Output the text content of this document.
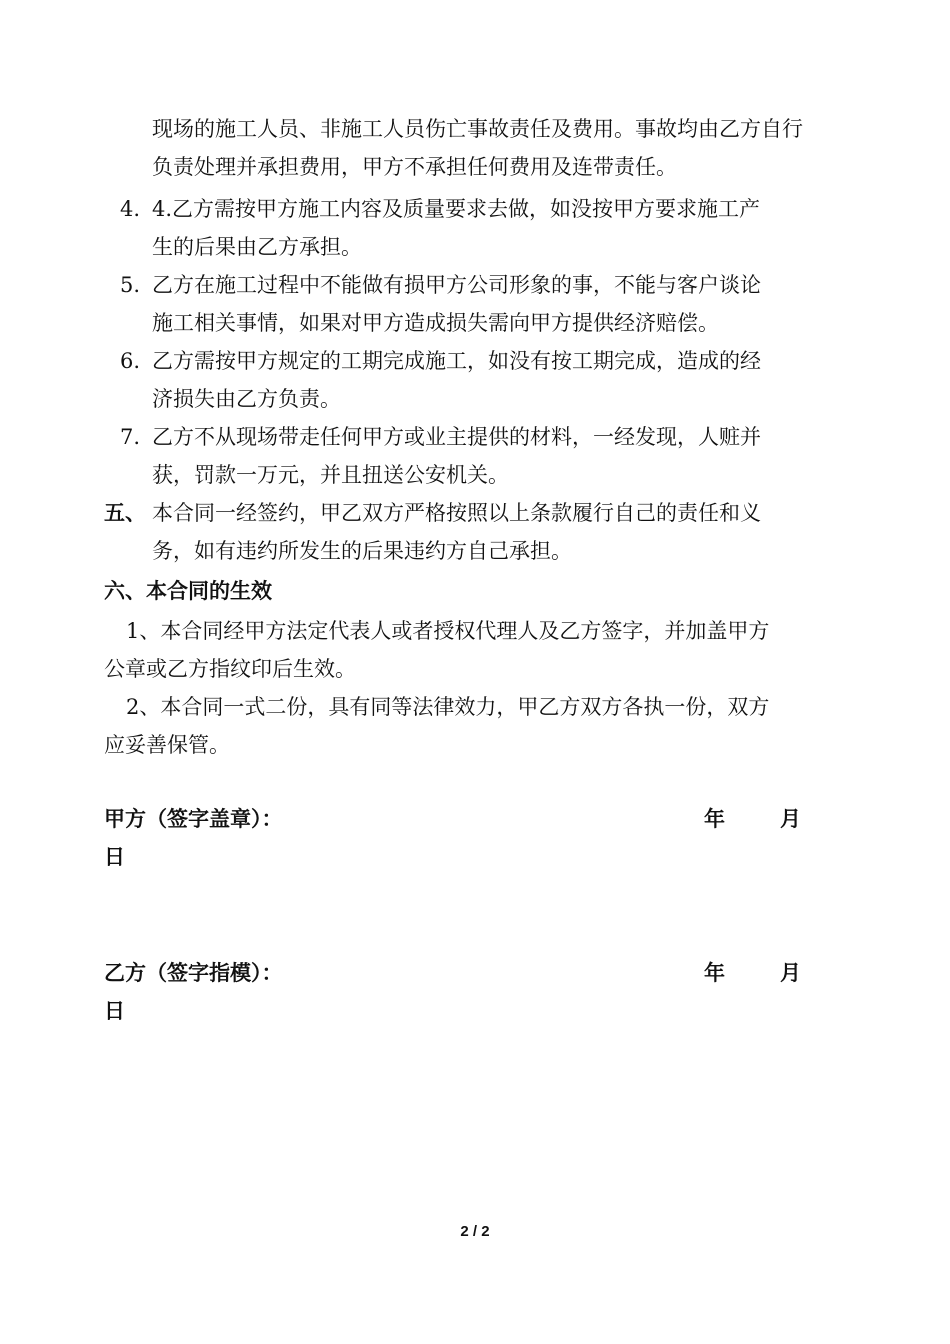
现场的施工人员、非施工人员伤亡事故责任及费用。事故均由乙方自行
负责处理并承担费用，甲方不承担任何费用及连带责任。
4. 4.乙方需按甲方施工内容及质量要求去做，如没按甲方要求施工产
生的后果由乙方承担。
5. 乙方在施工过程中不能做有损甲方公司形象的事，不能与客户谈论
施工相关事情，如果对甲方造成损失需向甲方提供经济赔偿。
6. 乙方需按甲方规定的工期完成施工，如没有按工期完成，造成的经
济损失由乙方负责。
7. 乙方不从现场带走任何甲方或业主提供的材料，一经发现，人赃并
获，罚款一万元，并且扭送公安机关。
五、 本合同一经签约，甲乙双方严格按照以上条款履行自己的责任和义
务，如有违约所发生的后果违约方自己承担。
六、本合同的生效
1、本合同经甲方法定代表人或者授权代理人及乙方签字，并加盖甲方
公章或乙方指纹印后生效。
2、本合同一式二份，具有同等法律效力，甲乙方双方各执一份，双方
应妥善保管。
甲方（签字盖章）：	年	月
日
乙方（签字指模）：	年	月
日
2 / 2
